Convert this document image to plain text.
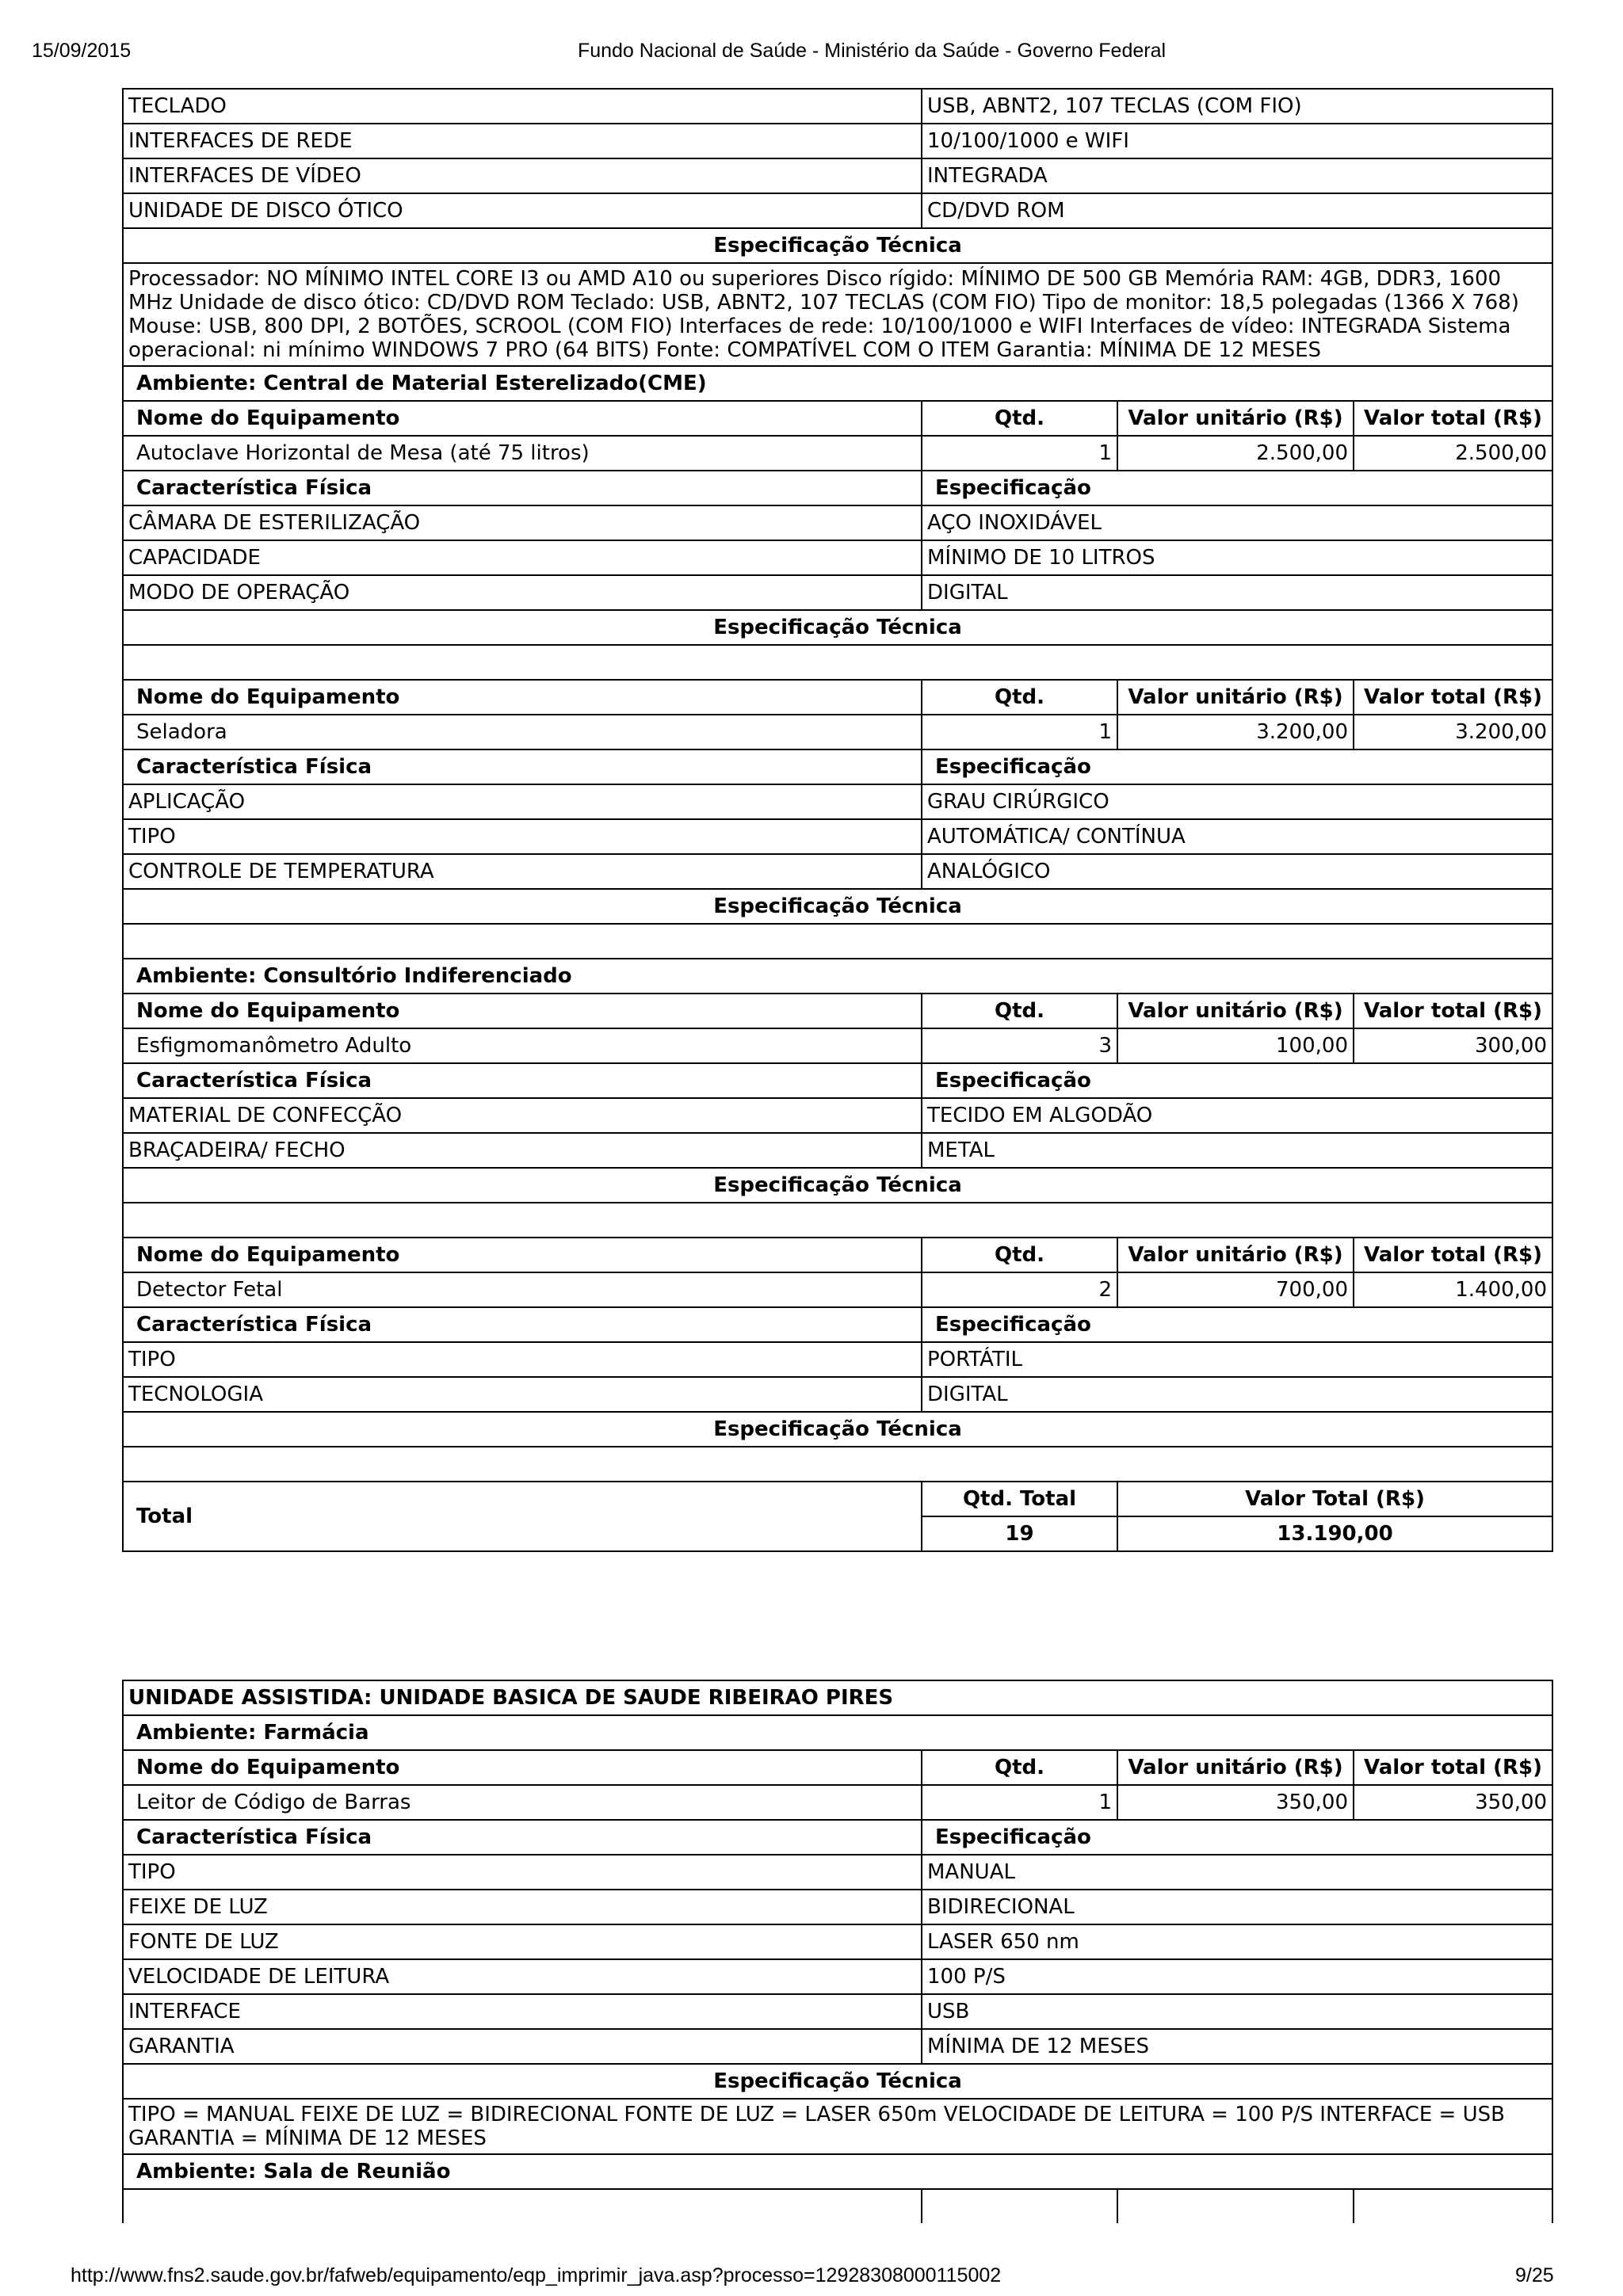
15/09/2015	Fundo Nacional de Saúde - Ministério da Saúde - Governo Federal
TECLADO	USB, ABNT2, 107 TECLAS (COM FIO)		
INTERFACES DE REDE	10/100/1000 e WIFI		
INTERFACES DE VÍDEO	INTEGRADA		
UNIDADE DE DISCO ÓTICO	CD/DVD ROM		
Especificação Técnica			
Processador: NO MÍNIMO INTEL CORE I3 ou AMD A10 ou superiores Disco rígido: MÍNIMO DE 500 GB Memória RAM: 4GB, DDR3, 1600 MHz Unidade de disco ótico: CD/DVD ROM Teclado: USB, ABNT2, 107 TECLAS (COM FIO) Tipo de monitor: 18,5 polegadas (1366 X 768) Mouse: USB, 800 DPI, 2 BOTÕES, SCROOL (COM FIO) Interfaces de rede: 10/100/1000 e WIFI Interfaces de vídeo: INTEGRADA Sistema operacional: ni mínimo WINDOWS 7 PRO (64 BITS) Fonte: COMPATÍVEL COM O ITEM Garantia: MÍNIMA DE 12 MESES			
Ambiente: Central de Material Esterelizado(CME)			
Nome do Equipamento	Qtd.	Valor unitário (R$)	Valor total (R$)
Autoclave Horizontal de Mesa (até 75 litros)	1	2.500,00	2.500,00
Característica Física	Especificação		
CÂMARA DE ESTERILIZAÇÃO	AÇO INOXIDÁVEL		
CAPACIDADE	MÍNIMO DE 10 LITROS		
MODO DE OPERAÇÃO	DIGITAL		
Especificação Técnica			

Nome do Equipamento	Qtd.	Valor unitário (R$)	Valor total (R$)
Seladora	1	3.200,00	3.200,00
Característica Física	Especificação		
APLICAÇÃO	GRAU CIRÚRGICO		
TIPO	AUTOMÁTICA/ CONTÍNUA		
CONTROLE DE TEMPERATURA	ANALÓGICO		
Especificação Técnica			

Ambiente: Consultório Indiferenciado			
Nome do Equipamento	Qtd.	Valor unitário (R$)	Valor total (R$)
Esfigmomanômetro Adulto	3	100,00	300,00
Característica Física	Especificação		
MATERIAL DE CONFECÇÃO	TECIDO EM ALGODÃO		
BRAÇADEIRA/ FECHO	METAL		
Especificação Técnica			

Nome do Equipamento	Qtd.	Valor unitário (R$)	Valor total (R$)
Detector Fetal	2	700,00	1.400,00
Característica Física	Especificação		
TIPO	PORTÁTIL		
TECNOLOGIA	DIGITAL		
Especificação Técnica			

Total	Qtd. Total	Valor Total (R$)	
	19	13.190,00	
UNIDADE ASSISTIDA: UNIDADE BASICA DE SAUDE RIBEIRAO PIRES			
Ambiente: Farmácia			
Nome do Equipamento	Qtd.	Valor unitário (R$)	Valor total (R$)
Leitor de Código de Barras	1	350,00	350,00
Característica Física	Especificação		
TIPO	MANUAL		
FEIXE DE LUZ	BIDIRECIONAL		
FONTE DE LUZ	LASER 650 nm		
VELOCIDADE DE LEITURA	100 P/S		
INTERFACE	USB		
GARANTIA	MÍNIMA DE 12 MESES		
Especificação Técnica			
TIPO = MANUAL FEIXE DE LUZ = BIDIRECIONAL FONTE DE LUZ = LASER 650m VELOCIDADE DE LEITURA = 100 P/S INTERFACE = USB GARANTIA = MÍNIMA DE 12 MESES			
Ambiente: Sala de Reunião			

http://www.fns2.saude.gov.br/fafweb/equipamento/eqp_imprimir_java.asp?processo=12928308000115002	9/25
